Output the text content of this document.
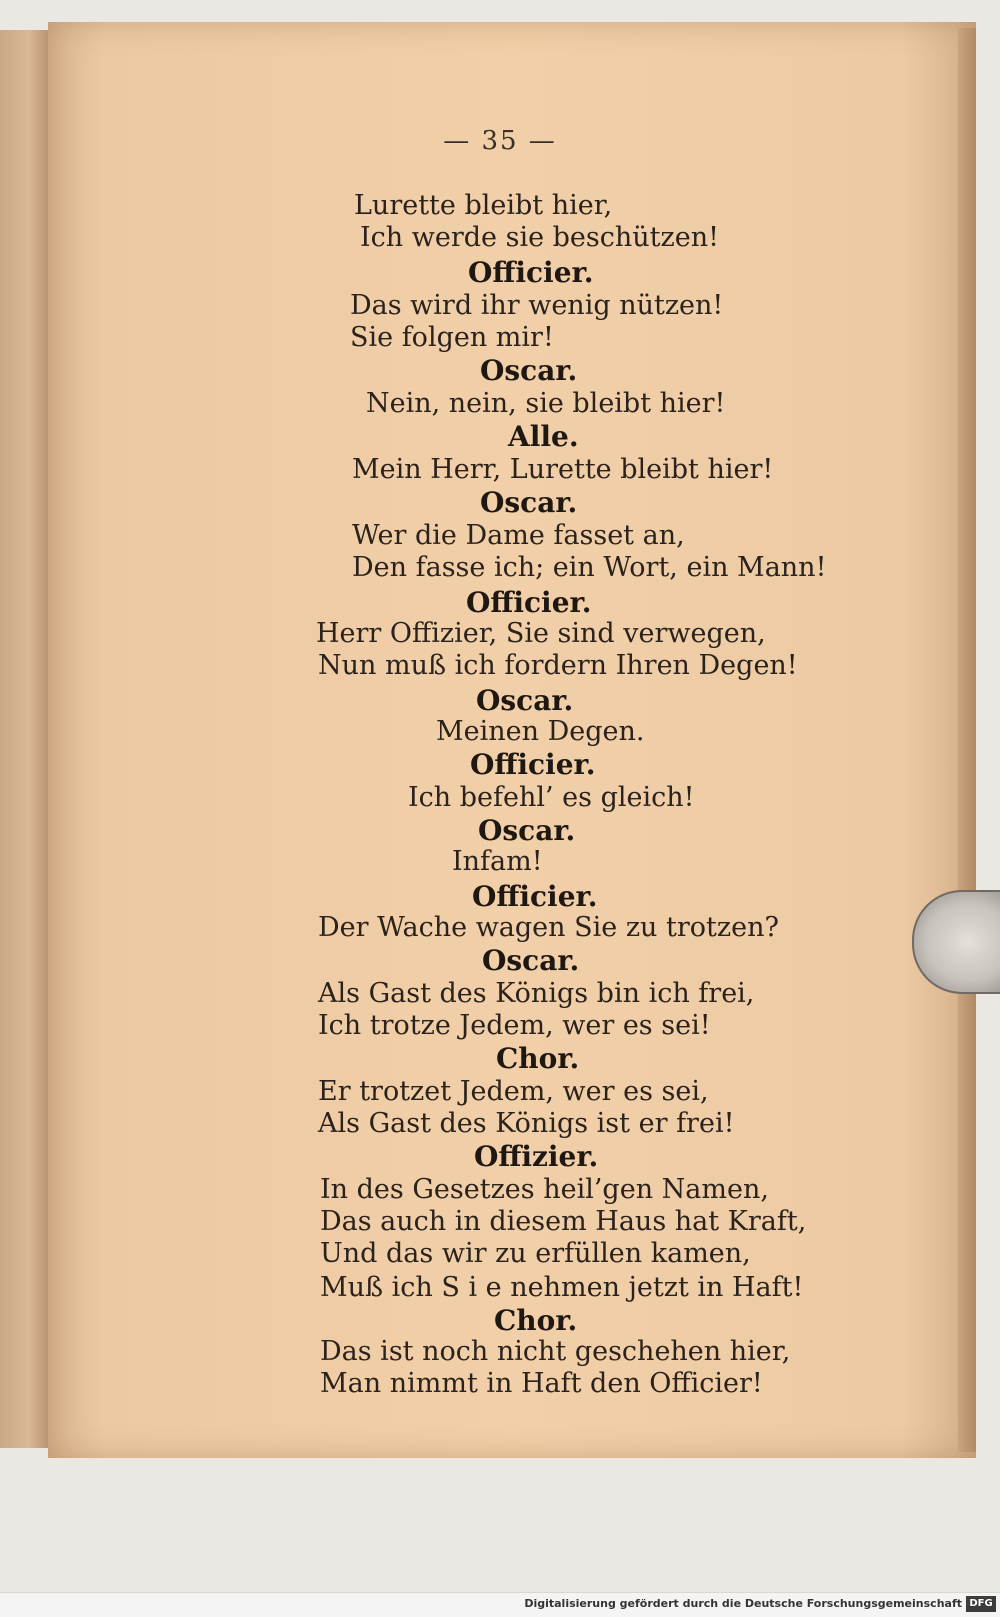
— 35 —
Lurette bleibt hier,
Ich werde sie beschützen!
Officier.
Das wird ihr wenig nützen!
Sie folgen mir!
Oscar.
Nein, nein, sie bleibt hier!
Alle.
Mein Herr, Lurette bleibt hier!
Oscar.
Wer die Dame fasset an,
Den fasse ich; ein Wort, ein Mann!
Officier.
Herr Offizier, Sie sind verwegen,
Nun muß ich fordern Ihren Degen!
Oscar.
Meinen Degen.
Officier.
Ich befehl’ es gleich!
Oscar.
Infam!
Officier.
Der Wache wagen Sie zu trotzen?
Oscar.
Als Gast des Königs bin ich frei,
Ich trotze Jedem, wer es sei!
Chor.
Er trotzet Jedem, wer es sei,
Als Gast des Königs ist er frei!
Offizier.
In des Gesetzes heil’gen Namen,
Das auch in diesem Haus hat Kraft,
Und das wir zu erfüllen kamen,
Muß ich S i e nehmen jetzt in Haft!
Chor.
Das ist noch nicht geschehen hier,
Man nimmt in Haft den Officier!
Digitalisierung gefördert durch die Deutsche Forschungsgemeinschaft DFG
